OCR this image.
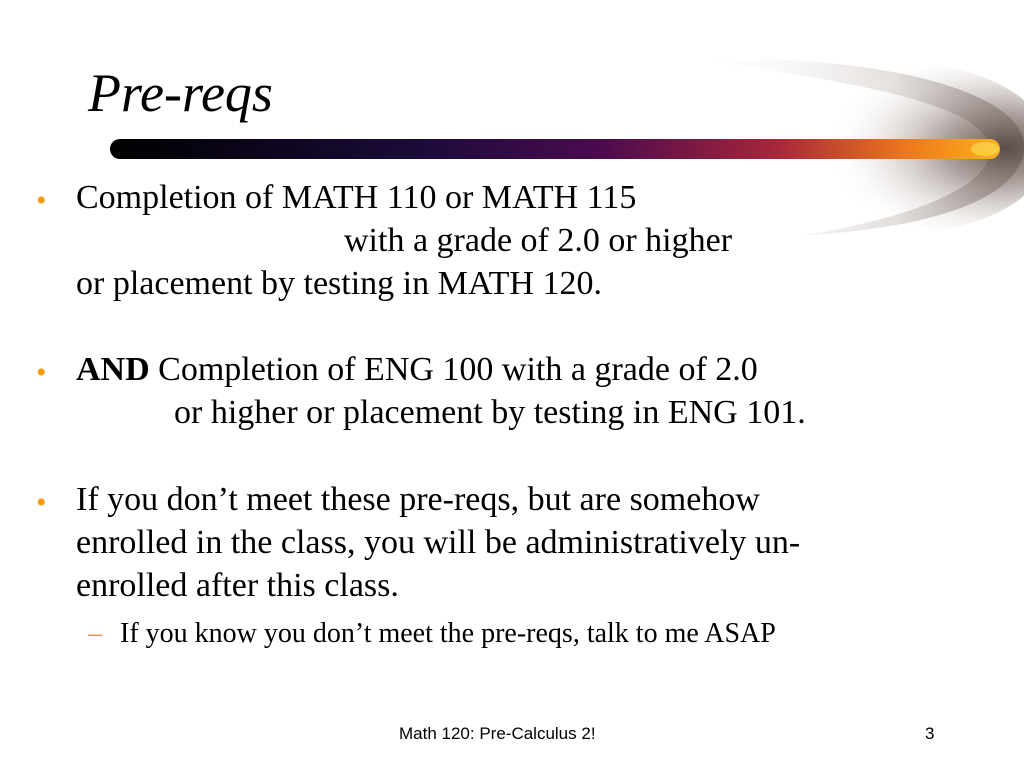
Pre-reqs
• Completion of MATH 110 or MATH 115
with a grade of 2.0 or higher
or placement by testing in MATH 120.
• AND Completion of ENG 100 with a grade of 2.0
or higher or placement by testing in ENG 101.
• If you don’t meet these pre-reqs, but are somehow
enrolled in the class, you will be administratively un-
enrolled after this class.
– If you know you don’t meet the pre-reqs, talk to me ASAP
Math 120: Pre-Calculus 2!	3
